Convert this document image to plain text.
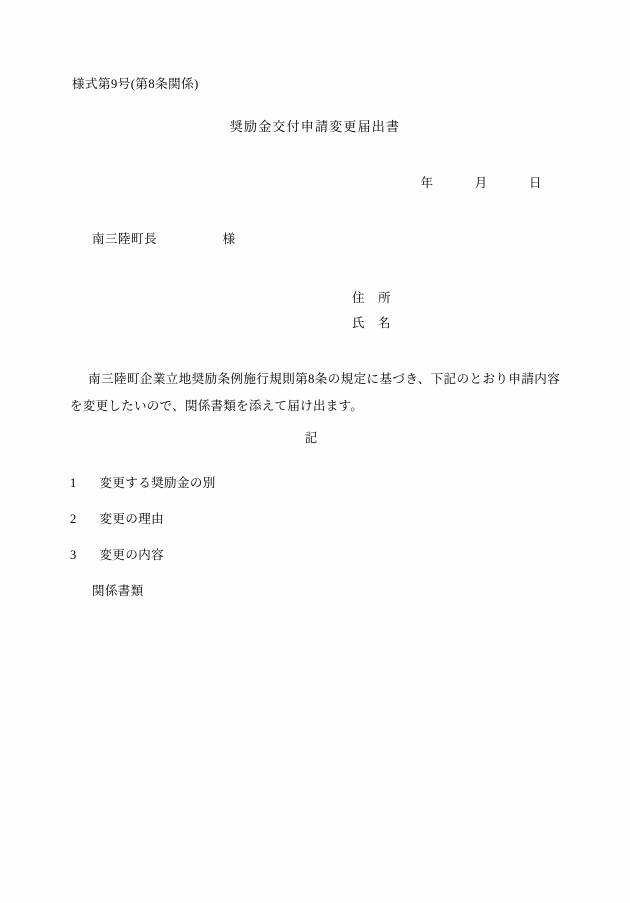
様式第9号(第8条関係)
奨励金交付申請変更届出書
年	月	日
南三陸町長	様
住　所
氏　名
南三陸町企業立地奨励条例施行規則第8条の規定に基づき、下記のとおり申請内容を変更したいので、関係書類を添えて届け出ます。
記
1 変更する奨励金の別
2 変更の理由
3 変更の内容
関係書類
